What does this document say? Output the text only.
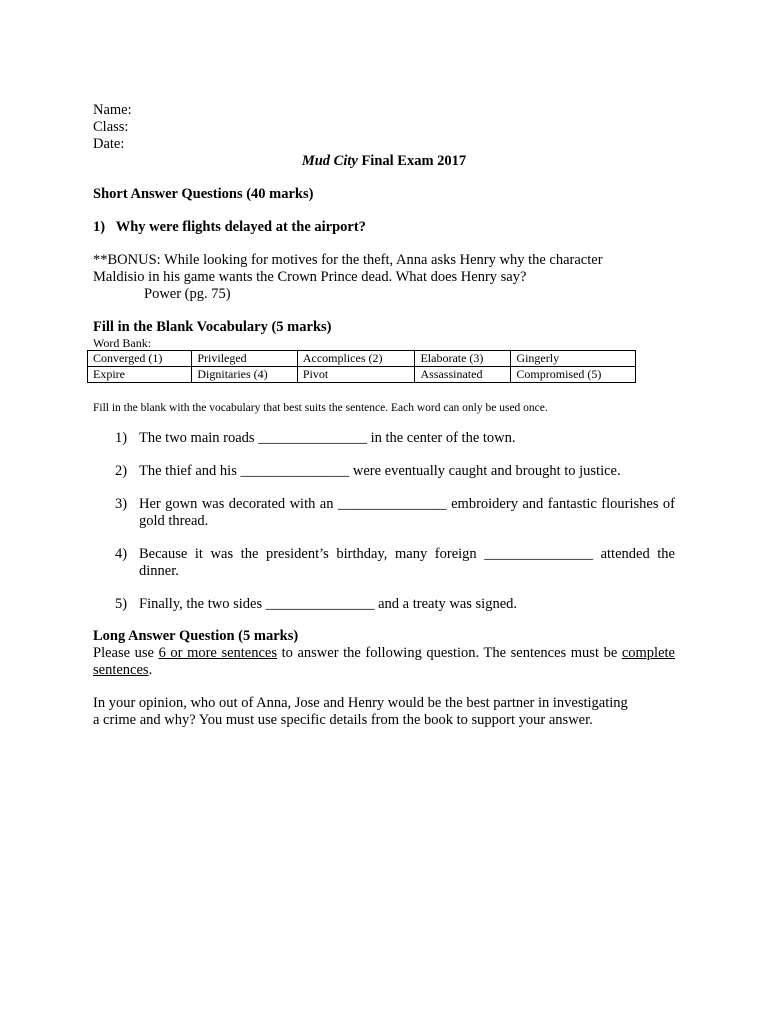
Name:
Class:
Date:
Mud City Final Exam 2017
Short Answer Questions (40 marks)
1)   Why were flights delayed at the airport?
**BONUS: While looking for motives for the theft, Anna asks Henry why the character
Maldisio in his game wants the Crown Prince dead. What does Henry say?
Power (pg. 75)
Fill in the Blank Vocabulary (5 marks)
Word Bank:
Converged (1)	Privileged	Accomplices (2)	Elaborate (3)	Gingerly
Expire	Dignitaries (4)	Pivot	Assassinated	Compromised (5)
Fill in the blank with the vocabulary that best suits the sentence. Each word can only be used once.
1) The two main roads _______________ in the center of the town.
2) The thief and his _______________ were eventually caught and brought to justice.
3) Her gown was decorated with an _______________ embroidery and fantastic flourishes of gold thread.
4) Because it was the president’s birthday, many foreign _______________ attended the dinner.
5) Finally, the two sides _______________ and a treaty was signed.
Long Answer Question (5 marks)
Please use 6 or more sentences to answer the following question. The sentences must be complete sentences.
In your opinion, who out of Anna, Jose and Henry would be the best partner in investigating
a crime and why? You must use specific details from the book to support your answer.
